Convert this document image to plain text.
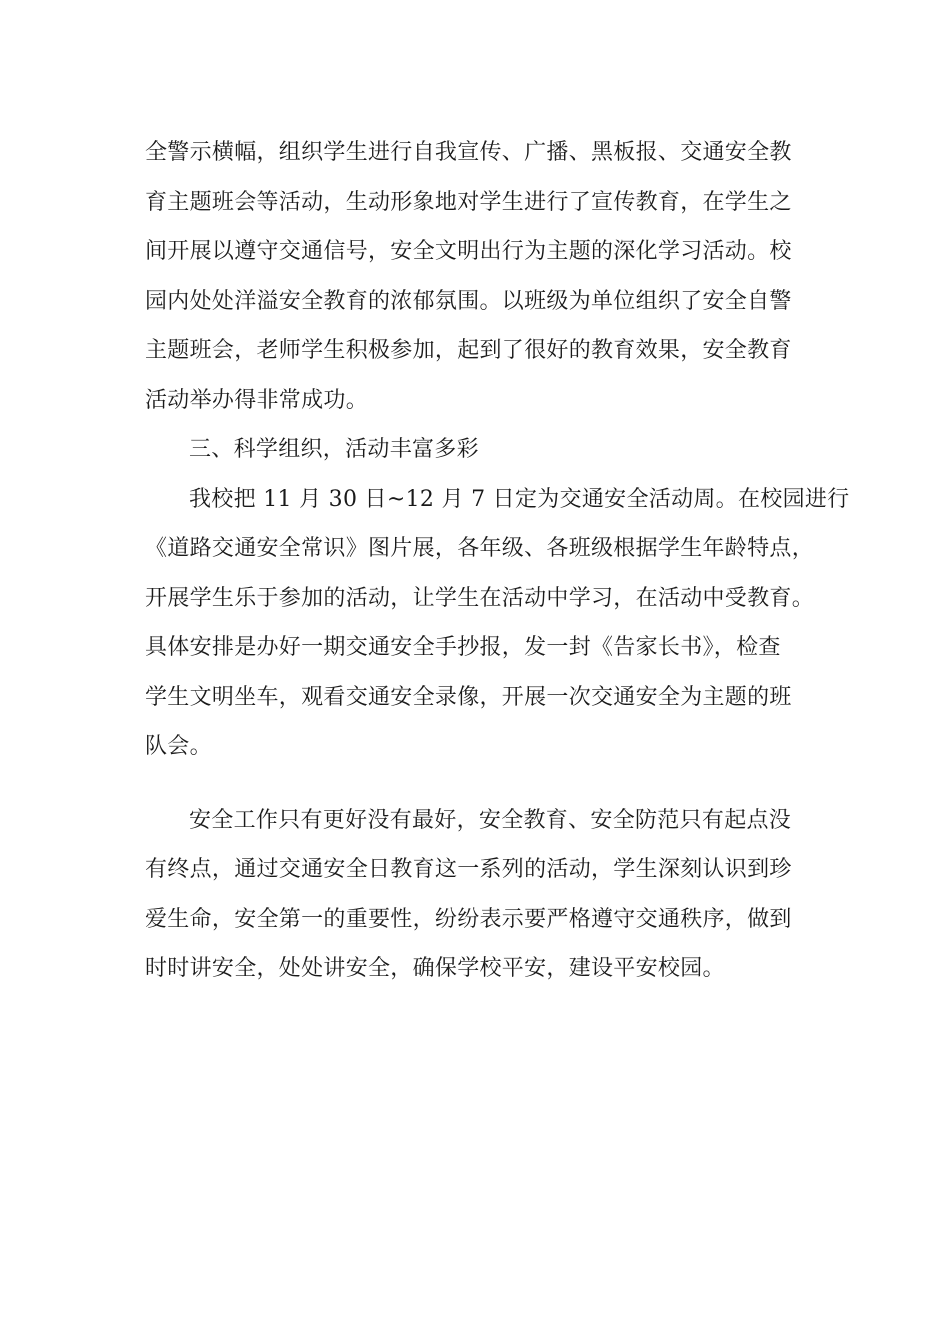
全警示横幅，组织学生进行自我宣传、广播、黑板报、交通安全教
育主题班会等活动，生动形象地对学生进行了宣传教育，在学生之
间开展以遵守交通信号，安全文明出行为主题的深化学习活动。校
园内处处洋溢安全教育的浓郁氛围。以班级为单位组织了安全自警
主题班会，老师学生积极参加，起到了很好的教育效果，安全教育
活动举办得非常成功。
三、科学组织，活动丰富多彩
我校把 11 月 30 日~12 月 7 日定为交通安全活动周。在校园进行
《道路交通安全常识》图片展，各年级、各班级根据学生年龄特点，
开展学生乐于参加的活动，让学生在活动中学习，在活动中受教育。
具体安排是办好一期交通安全手抄报，发一封《告家长书》，检查
学生文明坐车，观看交通安全录像，开展一次交通安全为主题的班
队会。
安全工作只有更好没有最好，安全教育、安全防范只有起点没
有终点，通过交通安全日教育这一系列的活动，学生深刻认识到珍
爱生命，安全第一的重要性，纷纷表示要严格遵守交通秩序，做到
时时讲安全，处处讲安全，确保学校平安，建设平安校园。
